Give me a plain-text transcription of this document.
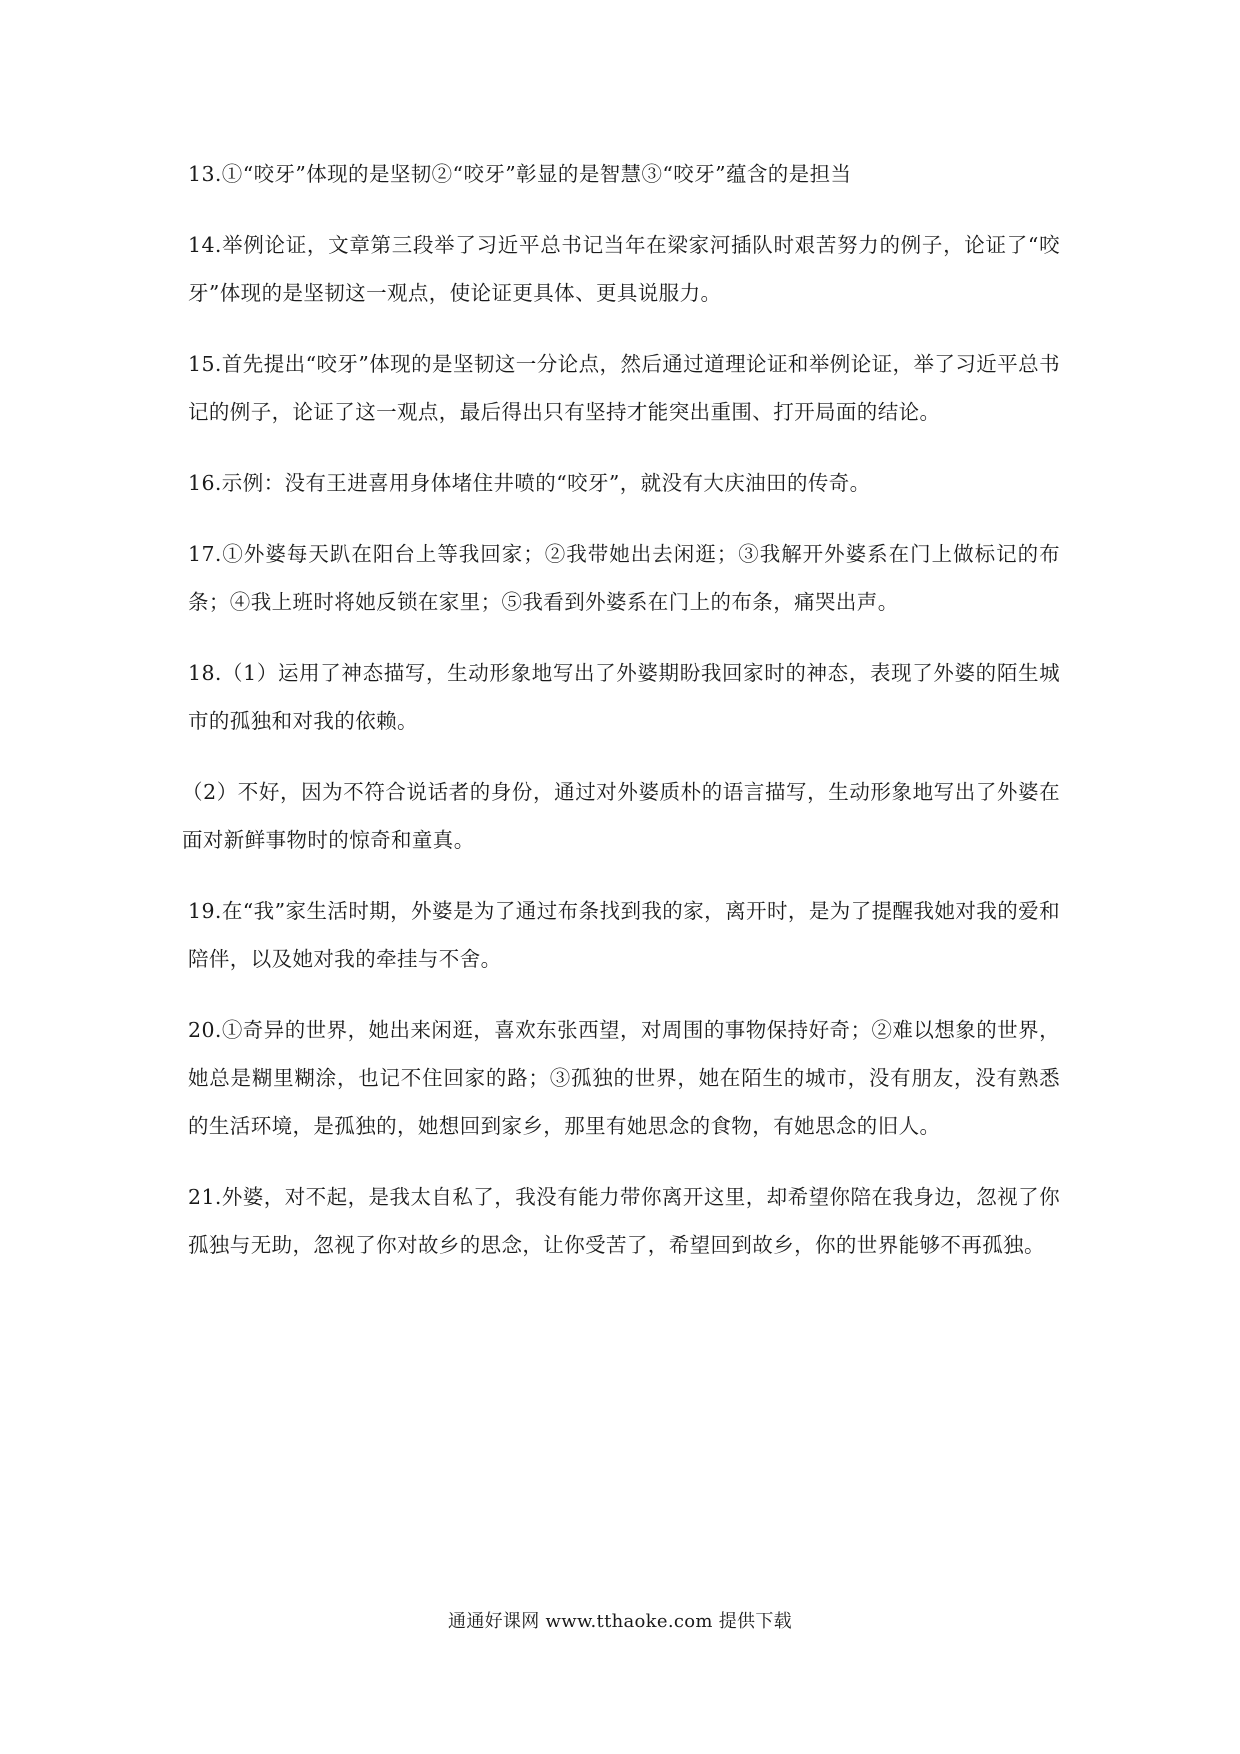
13.①“咬牙”体现的是坚韧②“咬牙”彰显的是智慧③“咬牙”蕴含的是担当

14.举例论证，文章第三段举了习近平总书记当年在梁家河插队时艰苦努力的例子，论证了“咬牙”体现的是坚韧这一观点，使论证更具体、更具说服力。

15.首先提出“咬牙”体现的是坚韧这一分论点，然后通过道理论证和举例论证，举了习近平总书记的例子，论证了这一观点，最后得出只有坚持才能突出重围、打开局面的结论。

16.示例：没有王进喜用身体堵住井喷的“咬牙”，就没有大庆油田的传奇。

17.①外婆每天趴在阳台上等我回家；②我带她出去闲逛；③我解开外婆系在门上做标记的布条；④我上班时将她反锁在家里；⑤我看到外婆系在门上的布条，痛哭出声。

18.（1）运用了神态描写，生动形象地写出了外婆期盼我回家时的神态，表现了外婆的陌生城市的孤独和对我的依赖。

（2）不好，因为不符合说话者的身份，通过对外婆质朴的语言描写，生动形象地写出了外婆在面对新鲜事物时的惊奇和童真。

19.在“我”家生活时期，外婆是为了通过布条找到我的家，离开时，是为了提醒我她对我的爱和陪伴，以及她对我的牵挂与不舍。

20.①奇异的世界，她出来闲逛，喜欢东张西望，对周围的事物保持好奇；②难以想象的世界，她总是糊里糊涂，也记不住回家的路；③孤独的世界，她在陌生的城市，没有朋友，没有熟悉的生活环境，是孤独的，她想回到家乡，那里有她思念的食物，有她思念的旧人。

21.外婆，对不起，是我太自私了，我没有能力带你离开这里，却希望你陪在我身边，忽视了你孤独与无助，忽视了你对故乡的思念，让你受苦了，希望回到故乡，你的世界能够不再孤独。

通通好课网 www.tthaoke.com 提供下载
